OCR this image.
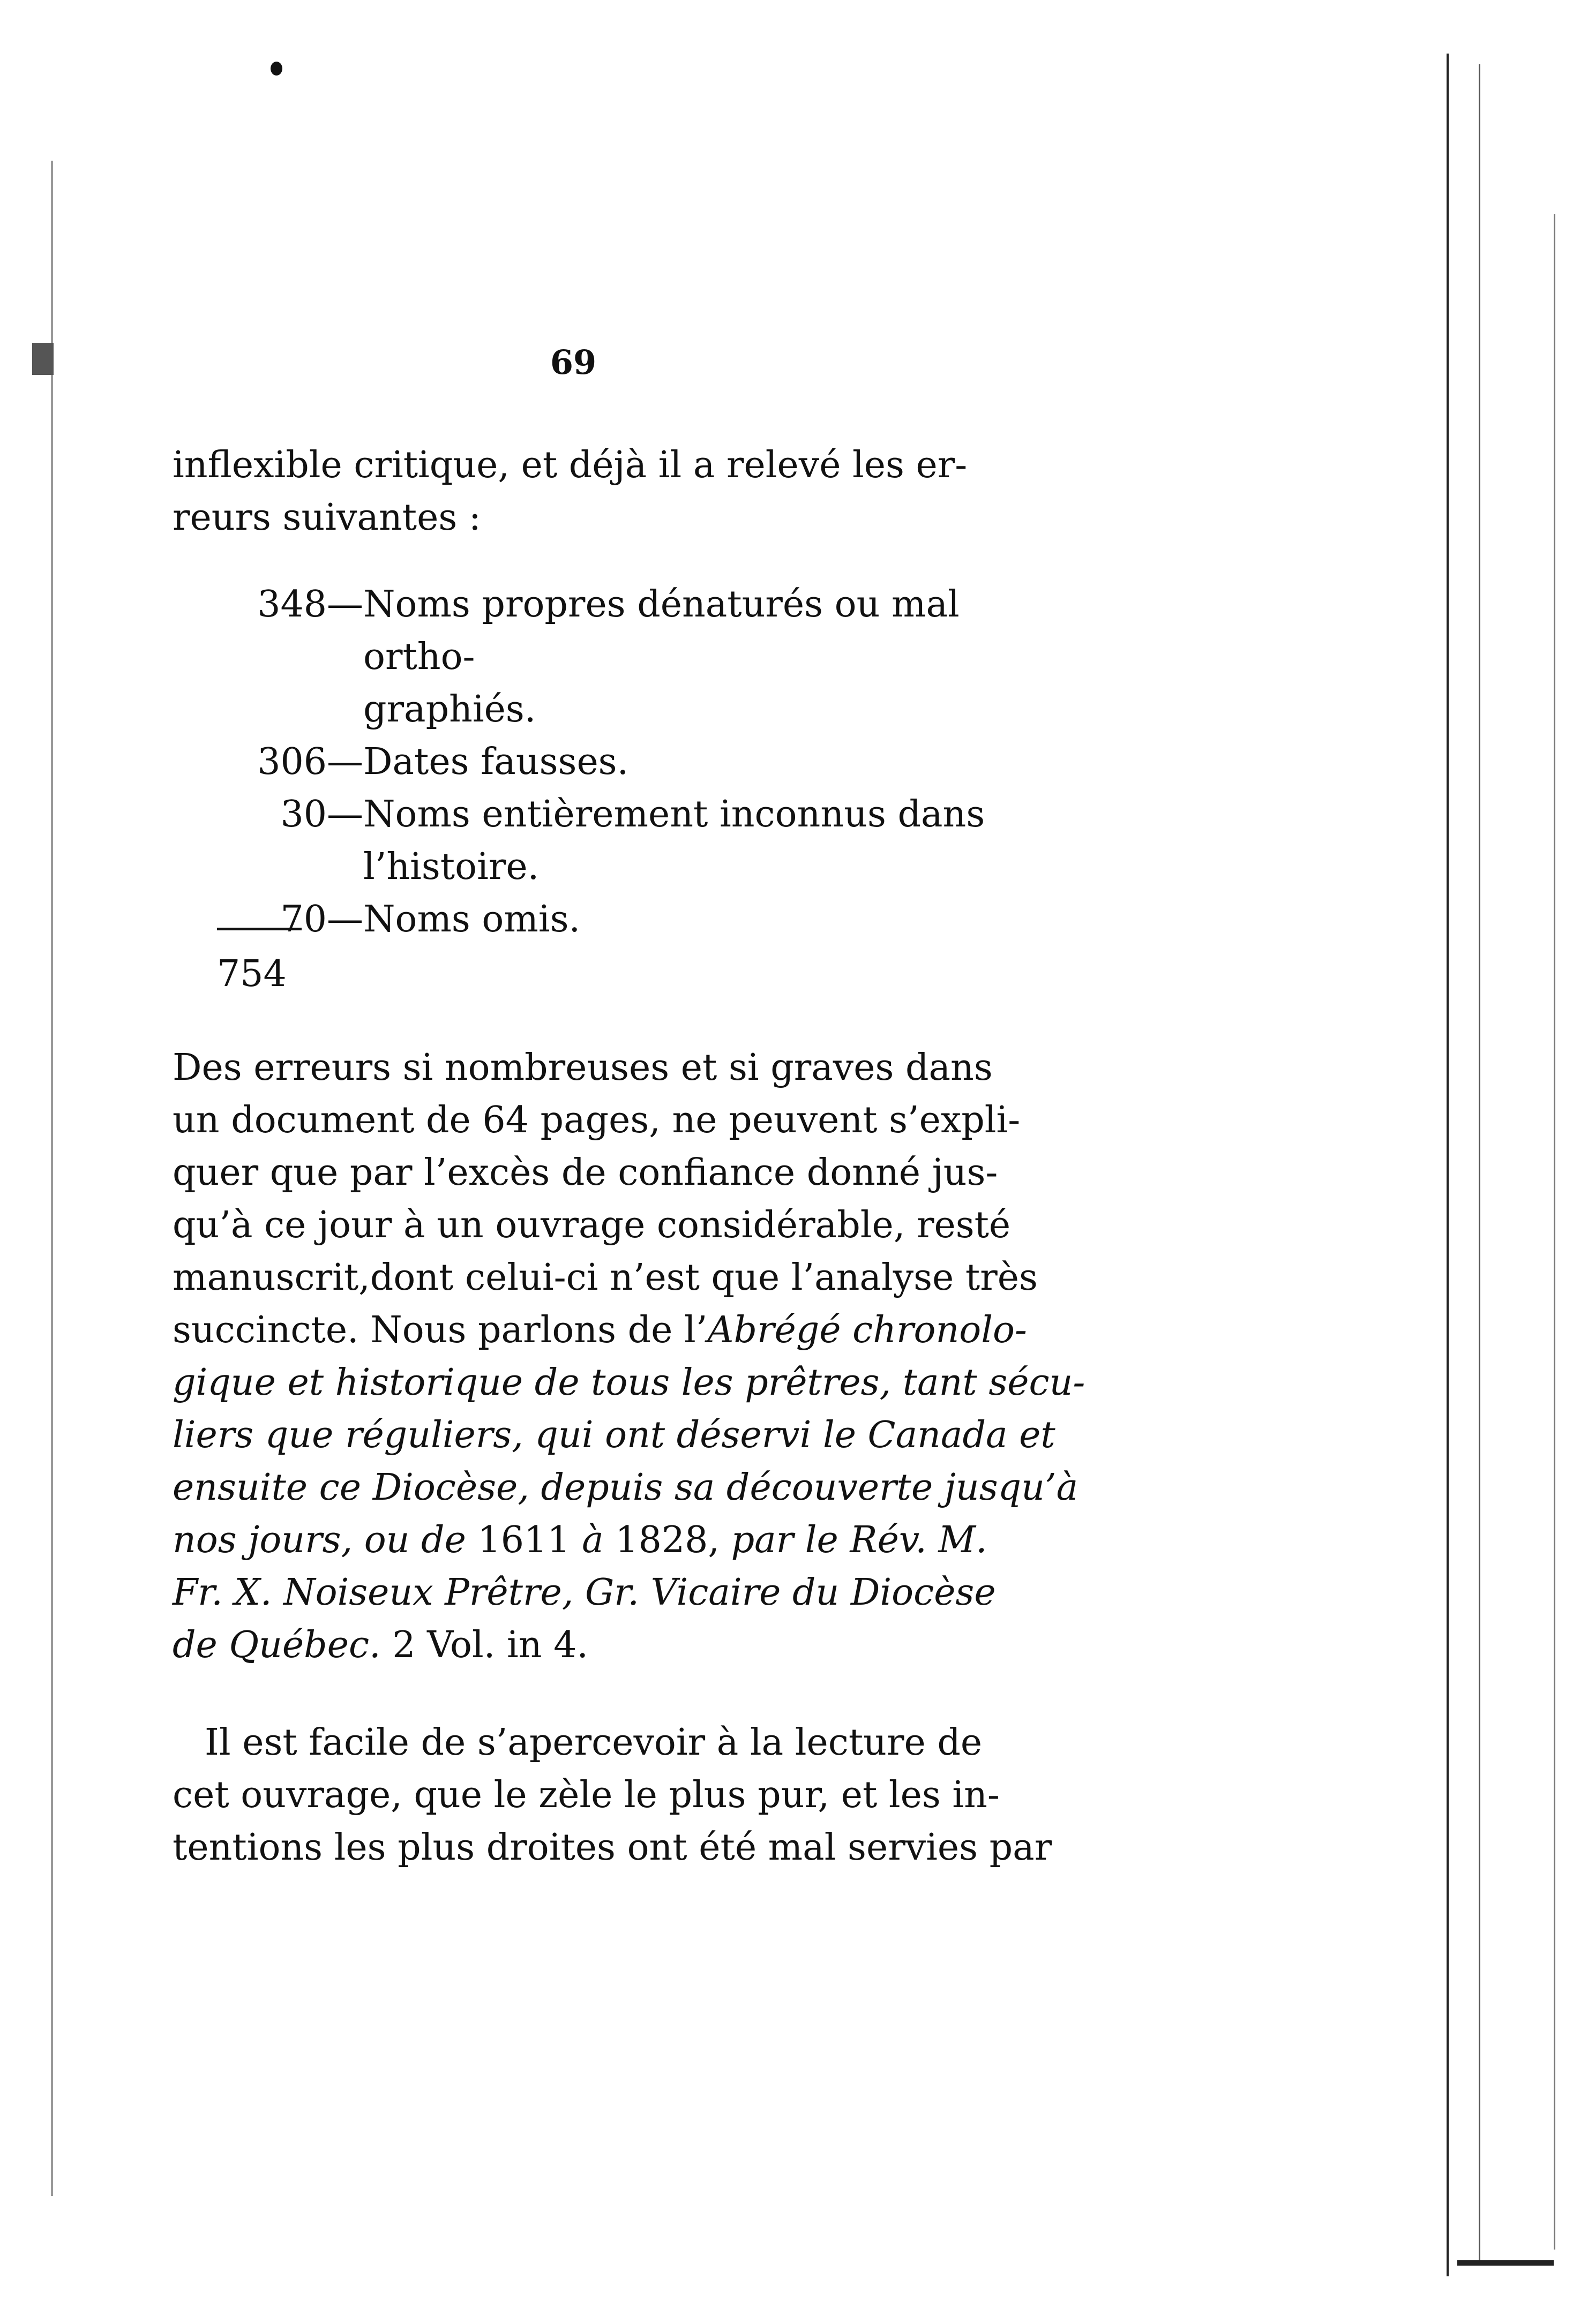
69
inflexible critique, et déjà il a relevé les er-
reurs suivantes :
348 — Noms propres dénaturés ou mal ortho-
graphiés.
306 — Dates fausses.
30 — Noms entièrement inconnus dans
l’histoire.
70 — Noms omis.
754
Des erreurs si nombreuses et si graves dans
un document de 64 pages, ne peuvent s’expli-
quer que par l’excès de confiance donné jus-
qu’à ce jour à un ouvrage considérable, resté
manuscrit,dont celui-ci n’est que l’analyse très
succincte. Nous parlons de l’Abrégé chronolo-
gique et historique de tous les prêtres, tant sécu-
liers que réguliers, qui ont déservi le Canada et
ensuite ce Diocèse, depuis sa découverte jusqu’à
nos jours, ou de 1611 à 1828, par le Rév. M.
Fr. X. Noiseux Prêtre, Gr. Vicaire du Diocèse
de Québec. 2 Vol. in 4.
Il est facile de s’apercevoir à la lecture de
cet ouvrage, que le zèle le plus pur, et les in-
tentions les plus droites ont été mal servies par
